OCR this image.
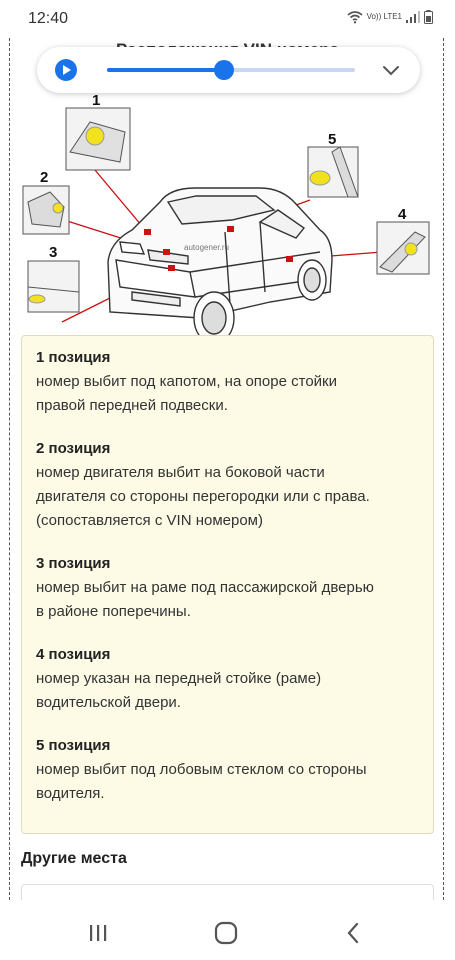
12:40	Vo)) LTE1
autogener.ru
1
2
3
4
5
1 позиция
номер выбит под капотом, на опоре стойки
правой передней подвески.
2 позиция
номер двигателя выбит на боковой части
двигателя со стороны перегородки или с права.
(сопоставляется с VIN номером)
3 позиция
номер выбит на раме под пассажирской дверью
в районе поперечины.
4 позиция
номер указан на передней стойке (раме)
водительской двери.
5 позиция
номер выбит под лобовым стеклом со стороны
водителя.
Другие места
